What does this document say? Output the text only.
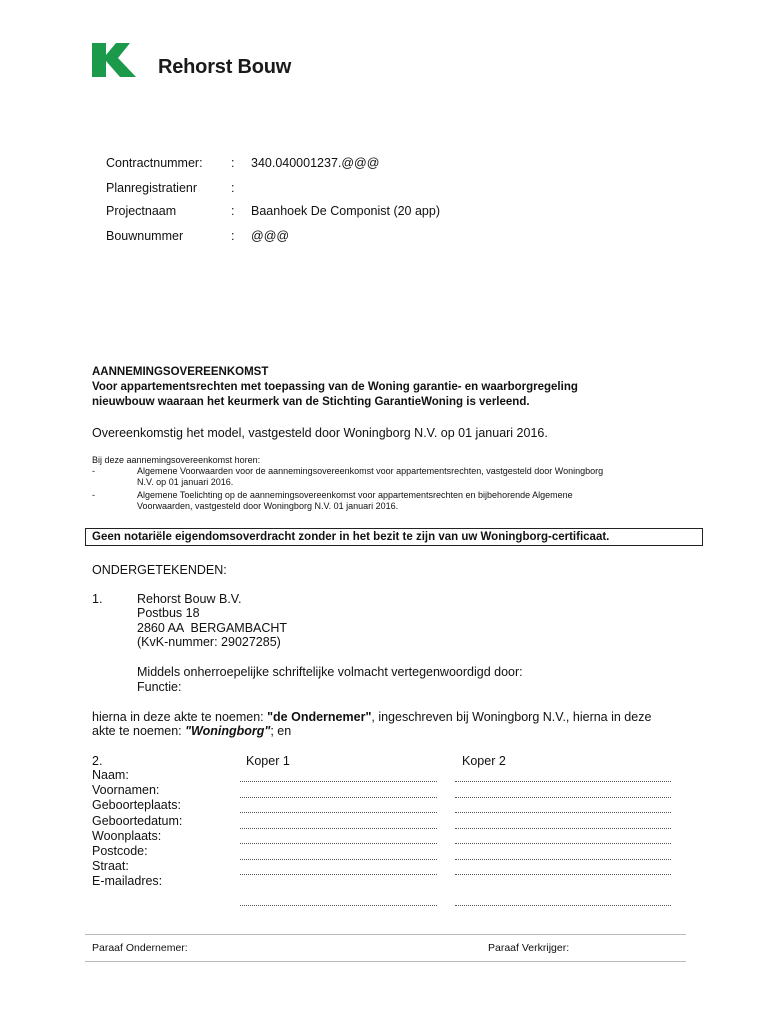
Rehorst Bouw
Contractnummer:	: 340.040001237.@@@
Planregistratienr	:
Projectnaam	: Baanhoek De Componist (20 app)
Bouwnummer	: @@@
AANNEMINGSOVEREENKOMST
Voor appartementsrechten met toepassing van de Woning garantie- en waarborgregeling
nieuwbouw waaraan het keurmerk van de Stichting GarantieWoning is verleend.
Overeenkomstig het model, vastgesteld door Woningborg N.V. op 01 januari 2016.
Bij deze aannemingsovereenkomst horen:
-	Algemene Voorwaarden voor de aannemingsovereenkomst voor appartementsrechten, vastgesteld door Woningborg
N.V. op 01 januari 2016.
-	Algemene Toelichting op de aannemingsovereenkomst voor appartementsrechten en bijbehorende Algemene
Voorwaarden, vastgesteld door Woningborg N.V. 01 januari 2016.
Geen notariële eigendomsoverdracht zonder in het bezit te zijn van uw Woningborg-certificaat.
ONDERGETEKENDEN:
1.	Rehorst Bouw B.V.
Postbus 18
2860 AA  BERGAMBACHT
(KvK-nummer: 29027285)
Middels onherroepelijke schriftelijke volmacht vertegenwoordigd door:
Functie:
hierna in deze akte te noemen: "de Ondernemer", ingeschreven bij Woningborg N.V., hierna in deze
akte te noemen: "Woningborg"; en
2.	Koper 1	Koper 2
Naam:
Voornamen:
Geboorteplaats:
Geboortedatum:
Woonplaats:
Postcode:
Straat:
E-mailadres:
Paraaf Ondernemer:	Paraaf Verkrijger:
